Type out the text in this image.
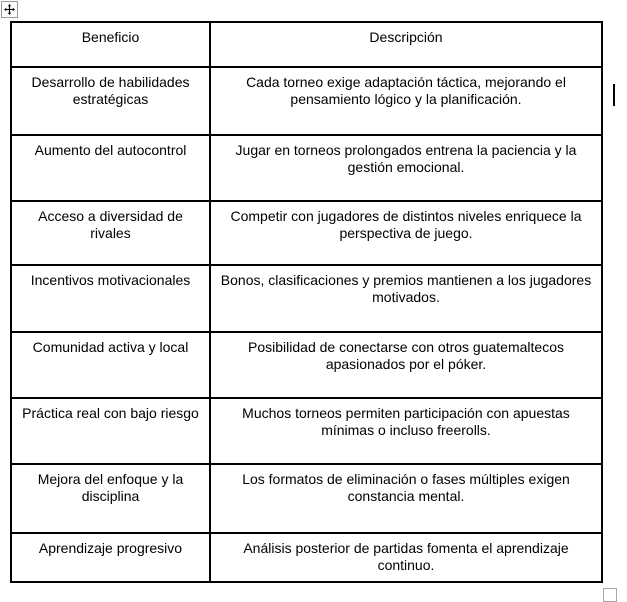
Beneficio	Descripción
Desarrollo de habilidades estratégicas	Cada torneo exige adaptación táctica, mejorando el pensamiento lógico y la planificación.
Aumento del autocontrol	Jugar en torneos prolongados entrena la paciencia y la gestión emocional.
Acceso a diversidad de rivales	Competir con jugadores de distintos niveles enriquece la perspectiva de juego.
Incentivos motivacionales	Bonos, clasificaciones y premios mantienen a los jugadores motivados.
Comunidad activa y local	Posibilidad de conectarse con otros guatemaltecos apasionados por el póker.
Práctica real con bajo riesgo	Muchos torneos permiten participación con apuestas mínimas o incluso freerolls.
Mejora del enfoque y la disciplina	Los formatos de eliminación o fases múltiples exigen constancia mental.
Aprendizaje progresivo	Análisis posterior de partidas fomenta el aprendizaje continuo.
